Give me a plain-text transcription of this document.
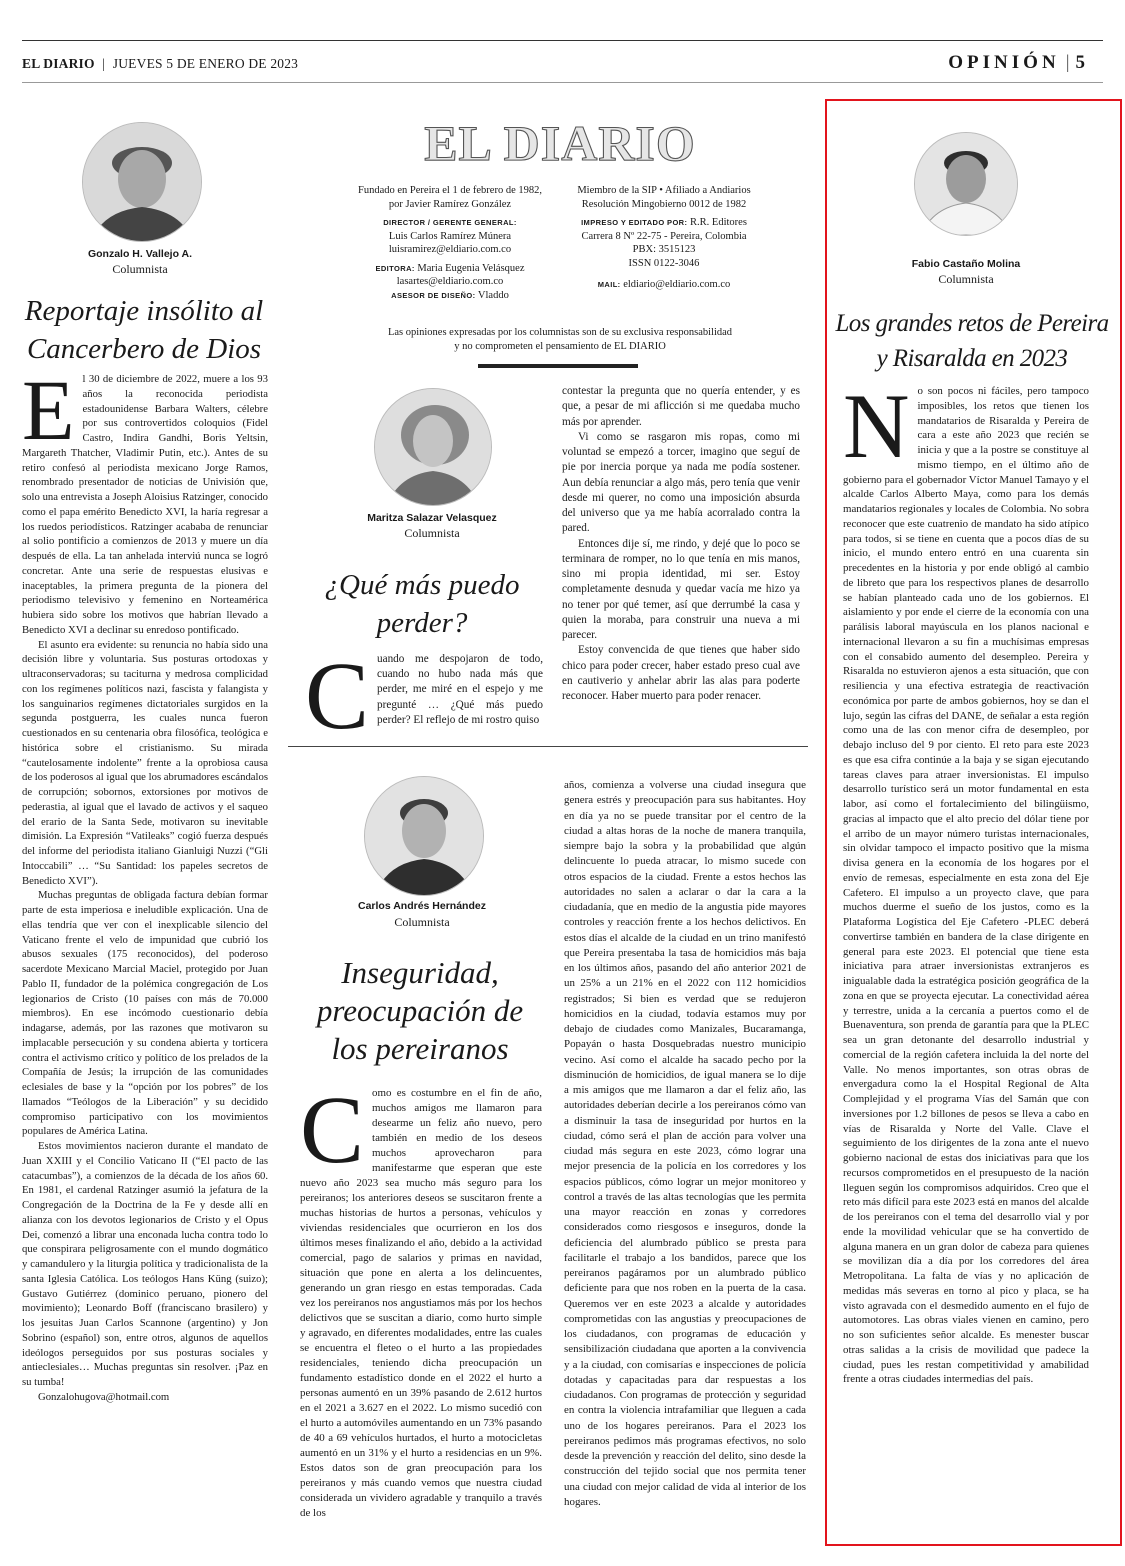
EL DIARIO | JUEVES 5 DE ENERO DE 2023	OPINIÓN | 5
Gonzalo H. Vallejo A.
Columnista
Reportaje insólito al
Cancerbero de Dios
E l 30 de diciembre de 2022, muere a los 93 años la reconocida periodista estadounidense Barbara Walters, célebre por sus controvertidos coloquios (Fidel Castro, Indira Gandhi, Boris Yeltsin, Margareth Thatcher, Vladimir Putin, etc.). Antes de su retiro confesó al periodista mexicano Jorge Ramos, renombrado presentador de noticias de Univisión que, solo una entrevista a Joseph Aloisius Ratzinger, conocido como el papa emérito Benedicto XVI, la haría regresar a los ruedos periodísticos. Ratzinger acababa de renunciar al solio pontificio a comienzos de 2013 y muere un día después de ella. La tan anhelada interviú nunca se logró concretar. Ante una serie de respuestas elusivas e inaceptables, la primera pregunta de la pionera del periodismo televisivo y femenino en Norteamérica hubiera sido sobre los motivos que habrían llevado a Benedicto XVI a declinar su enredoso pontificado.

El asunto era evidente: su renuncia no había sido una decisión libre y voluntaria. Sus posturas ortodoxas y ultraconservadoras; su taciturna y medrosa complicidad con los regímenes políticos nazi, fascista y falangista y los sanguinarios regímenes dictatoriales surgidos en la segunda postguerra, les cuales nunca fueron cuestionados en su centenaria obra filosófica, teológica e histórica sobre el cristianismo. Su mirada “cautelosamente indolente” frente a la oprobiosa causa de los poderosos al igual que los abrumadores escándalos de corrupción; sobornos, extorsiones por motivos de pederastia, al igual que el lavado de activos y el saqueo del erario de la Santa Sede, motivaron su inevitable dimisión. La Expresión “Vatileaks” cogió fuerza después del informe del periodista italiano Gianluigi Nuzzi (“Gli Intoccabili” … “Su Santidad: los papeles secretos de Benedicto XVI”).

Muchas preguntas de obligada factura debían formar parte de esta imperiosa e ineludible explicación. Una de ellas tendría que ver con el inexplicable silencio del Vaticano frente el velo de impunidad que cubrió los abusos sexuales (175 reconocidos), del poderoso sacerdote Mexicano Marcial Maciel, protegido por Juan Pablo II, fundador de la polémica congregación de Los legionarios de Cristo (10 países con más de 70.000 miembros). En ese incómodo cuestionario debía indagarse, además, por las razones que motivaron su implacable persecución y su condena abierta y torticera contra el activismo crítico y político de los prelados de la Compañía de Jesús; la irrupción de las comunidades eclesiales de base y la “opción por los pobres” de los llamados “Teólogos de la Liberación” y su decidido compromiso participativo con los movimientos populares de América Latina.

Estos movimientos nacieron durante el mandato de Juan XXIII y el Concilio Vaticano II (“El pacto de las catacumbas”), a comienzos de la década de los años 60. En 1981, el cardenal Ratzinger asumió la jefatura de la Congregación de la Doctrina de la Fe y desde allí en alianza con los devotos legionarios de Cristo y el Opus Dei, comenzó a librar una enconada lucha contra todo lo que conspirara peligrosamente con el mundo dogmático y camandulero y la liturgia política y tradicionalista de la santa Iglesia Católica. Los teólogos Hans Küng (suizo); Gustavo Gutiérrez (dominico peruano, pionero del movimiento); Leonardo Boff (franciscano brasilero) y los jesuitas Juan Carlos Scannone (argentino) y Jon Sobrino (español) son, entre otros, algunos de aquellos ideólogos perseguidos por sus posturas sociales y antieclesiales… Muchas preguntas sin resolver. ¡Paz en su tumba!

Gonzalohugova@hotmail.com

EL DIARIO
Fundado en Pereira el 1 de febrero de 1982,
por Javier Ramírez González
DIRECTOR / GERENTE GENERAL:
Luis Carlos Ramírez Múnera
luisramirez@eldiario.com.co
EDITORA: Maria Eugenia Velásquez
lasartes@eldiario.com.co
ASESOR DE DISEÑO: Vladdo
Miembro de la SIP • Afiliado a Andiarios
Resolución Mingobierno 0012 de 1982
IMPRESO Y EDITADO POR: R.R. Editores
Carrera 8 Nº 22-75 - Pereira, Colombia
PBX: 3515123
ISSN 0122-3046
MAIL: eldiario@eldiario.com.co
Las opiniones expresadas por los columnistas son de su exclusiva responsabilidad
y no comprometen el pensamiento de EL DIARIO
Maritza Salazar Velasquez
Columnista
¿Qué más puedo
perder?
C uando me despojaron de todo, cuando no hubo nada más que perder, me miré en el espejo y me pregunté … ¿Qué más puedo perder? El reflejo de mi rostro quiso

contestar la pregunta que no quería entender, y es que, a pesar de mi aflicción si me quedaba mucho más por aprender.

Vi como se rasgaron mis ropas, como mi voluntad se empezó a torcer, imagino que seguí de pie por inercia porque ya nada me podía sostener. Aun debía renunciar a algo más, pero tenía que venir desde mi querer, no como una imposición absurda del universo que ya me había acorralado contra la pared.

Entonces dije sí, me rindo, y dejé que lo poco se terminara de romper, no lo que tenía en mis manos, sino mi propia identidad, mi ser. Estoy completamente desnuda y quedar vacía me hizo ya no tener por qué temer, así que derrumbé la casa y quien la moraba, para construir una nueva a mi parecer.

Estoy convencida de que tienes que haber sido chico para poder crecer, haber estado preso cual ave en cautiverio y anhelar abrir las alas para poderte reconocer. Haber muerto para poder renacer.

Carlos Andrés Hernández
Columnista
Inseguridad,
preocupación de
los pereiranos
C omo es costumbre en el fin de año, muchos amigos me llamaron para desearme un feliz año nuevo, pero también en medio de los deseos muchos aprovecharon para manifestarme que esperan que este nuevo año 2023 sea mucho más seguro para los pereiranos; los anteriores deseos se suscitaron frente a muchas historias de hurtos a personas, vehículos y viviendas residenciales que ocurrieron en los dos últimos meses finalizando el año, debido a la actividad comercial, pago de salarios y primas en navidad, situación que pone en alerta a los delincuentes, generando un gran riesgo en estas temporadas. Cada vez los pereiranos nos angustiamos más por los hechos delictivos que se suscitan a diario, como hurto simple y agravado, en diferentes modalidades, entre las cuales se encuentra el fleteo o el hurto a las propiedades residenciales, teniendo dicha preocupación un fundamento estadístico donde en el 2022 el hurto a personas aumentó en un 39% pasando de 2.612 hurtos en el 2021 a 3.627 en el 2022. Lo mismo sucedió con el hurto a automóviles aumentando en un 73% pasando de 40 a 69 vehículos hurtados, el hurto a motocicletas aumentó en un 31% y el hurto a residencias en un 9%. Estos datos son de gran preocupación para los pereiranos y más cuando vemos que nuestra ciudad considerada un vividero agradable y tranquilo a través de los

años, comienza a volverse una ciudad insegura que genera estrés y preocupación para sus habitantes. Hoy en día ya no se puede transitar por el centro de la ciudad a altas horas de la noche de manera tranquila, siempre bajo la sobra y la probabilidad que algún delincuente lo pueda atracar, lo mismo sucede con otros espacios de la ciudad. Frente a estos hechos las autoridades no salen a aclarar o dar la cara a la ciudadanía, que en medio de la angustia pide mayores controles y reacción frente a los hechos delictivos. En estos días el alcalde de la ciudad en un trino manifestó que Pereira presentaba la tasa de homicidios más baja en los últimos años, pasando del año anterior 2021 de un 25% a un 21% en el 2022 con 112 homicidios registrados; Si bien es verdad que se redujeron homicidios en la ciudad, todavía estamos muy por debajo de ciudades como Manizales, Bucaramanga, Popayán o hasta Dosquebradas nuestro municipio vecino. Así como el alcalde ha sacado pecho por la disminución de homicidios, de igual manera se lo dije a mis amigos que me llamaron a dar el feliz año, las autoridades deberían decirle a los pereiranos cómo van a disminuir la tasa de inseguridad por hurtos en la ciudad, cómo será el plan de acción para volver una ciudad más segura en este 2023, cómo lograr una mejor presencia de la policía en los corredores y los espacios públicos, cómo lograr un mejor monitoreo y control a través de las altas tecnologías que les permita una mayor reacción en zonas y corredores considerados como riesgosos e inseguros, donde la deficiencia del alumbrado público se presta para facilitarle el trabajo a los bandidos, parece que los pereiranos pagáramos por un alumbrado público deficiente para que nos roben en la puerta de la casa. Queremos ver en este 2023 a alcalde y autoridades comprometidas con las angustias y preocupaciones de los ciudadanos, con programas de educación y sensibilización ciudadana que aporten a la convivencia y a la ciudad, con comisarías e inspecciones de policía dotadas y capacitadas para dar respuestas a los ciudadanos. Con programas de protección y seguridad en contra la violencia intrafamiliar que lleguen a cada uno de los hogares pereiranos. Para el 2023 los pereiranos pedimos más programas efectivos, no solo desde la prevención y reacción del delito, sino desde la construcción del tejido social que nos permita tener una ciudad con mejor calidad de vida al interior de los hogares.

Fabio Castaño Molina
Columnista
Los grandes retos de Pereira
y Risaralda en 2023
N o son pocos ni fáciles, pero tampoco imposibles, los retos que tienen los mandatarios de Risaralda y Pereira de cara a este año 2023 que recién se inicia y que a la postre se constituye al mismo tiempo, en el último año de gobierno para el gobernador Víctor Manuel Tamayo y el alcalde Carlos Alberto Maya, como para los demás mandatarios regionales y locales de Colombia. No sobra reconocer que este cuatrenio de mandato ha sido atípico para todos, si se tiene en cuenta que a pocos días de su inicio, el mundo entero entró en una cuarenta sin precedentes en la historia y por ende obligó al cambio de libreto que para los respectivos planes de desarrollo se habían planteado cada uno de los gobiernos. El aislamiento y por ende el cierre de la economía con una parálisis laboral mayúscula en los planos nacional e internacional llevaron a su fin a muchísimas empresas con el consabido aumento del desempleo. Pereira y Risaralda no estuvieron ajenos a esta situación, que con resiliencia y una efectiva estrategia de reactivación económica por parte de ambos gobiernos, hoy se dan el lujo, según las cifras del DANE, de señalar a esta región como una de las con menor cifra de desempleo, por debajo incluso del 9 por ciento. El reto para este 2023 es que esa cifra continúe a la baja y se sigan ejecutando tareas claves para atraer inversionistas. El impulso desarrollo turístico será un motor fundamental en esta labor, así como el fortalecimiento del bilingüismo, gracias al impacto que el alto precio del dólar tiene por el arribo de un mayor número turistas internacionales, sin olvidar tampoco el impacto positivo que la misma divisa genera en la economía de los hogares por el envío de remesas, especialmente en esta zona del Eje Cafetero. El impulso a un proyecto clave, que para muchos duerme el sueño de los justos, como es la Plataforma Logística del Eje Cafetero -PLEC deberá convertirse también en bandera de la clase dirigente en general para este 2023. El potencial que tiene esta iniciativa para atraer inversionistas extranjeros es inigualable dada la estratégica posición geográfica de la zona en que se proyecta ejecutar. La conectividad aérea y terrestre, unida a la cercanía a puertos como el de Buenaventura, son prenda de garantía para que la PLEC sea un gran detonante del desarrollo industrial y comercial de la región cafetera incluida la del norte del Valle. No menos importantes, son otras obras de envergadura como la el Hospital Regional de Alta Complejidad y el programa Vías del Samán que con inversiones por 1.2 billones de pesos se lleva a cabo en vías de Risaralda y Norte del Valle. Clave el seguimiento de los dirigentes de la zona ante el nuevo gobierno nacional de estas dos iniciativas para que los recursos comprometidos en el presupuesto de la nación lleguen según los compromisos adquiridos. Creo que el reto más difícil para este 2023 está en manos del alcalde de los pereiranos con el tema del desarrollo vial y por ende la movilidad vehicular que se ha convertido de alguna manera en un gran dolor de cabeza para quienes se movilizan día a día por los corredores del área Metropolitana. La falta de vías y no aplicación de medidas más severas en torno al pico y placa, se ha visto agravada con el desmedido aumento en el fujo de automotores. Las obras viales vienen en camino, pero no son suficientes señor alcalde. Es menester buscar otras salidas a la crisis de movilidad que padece la ciudad, pues les restan competitividad y amabilidad frente a otras ciudades intermedias del país.
